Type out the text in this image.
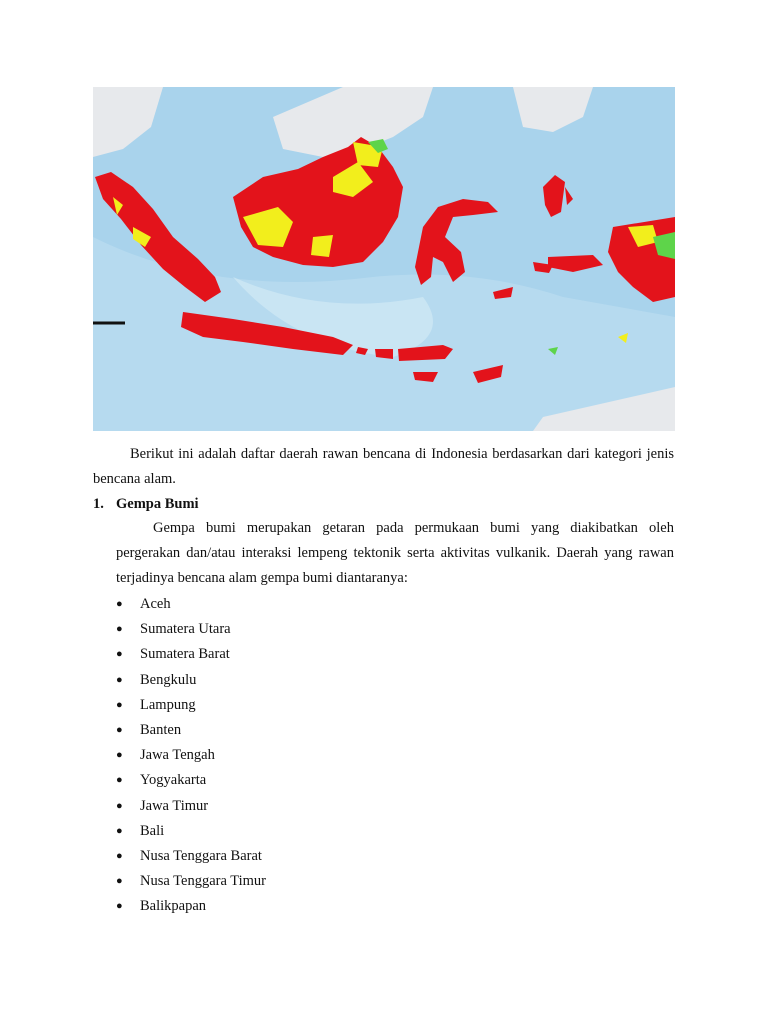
Berikut ini adalah daftar daerah rawan bencana di Indonesia berdasarkan dari kategori jenis bencana alam.

1. Gempa Bumi

Gempa bumi merupakan getaran pada permukaan bumi yang diakibatkan oleh pergerakan dan/atau interaksi lempeng tektonik serta aktivitas vulkanik. Daerah yang rawan terjadinya bencana alam gempa bumi diantaranya:

● Aceh
● Sumatera Utara
● Sumatera Barat
● Bengkulu
● Lampung
● Banten
● Jawa Tengah
● Yogyakarta
● Jawa Timur
● Bali
● Nusa Tenggara Barat
● Nusa Tenggara Timur
● Balikpapan
